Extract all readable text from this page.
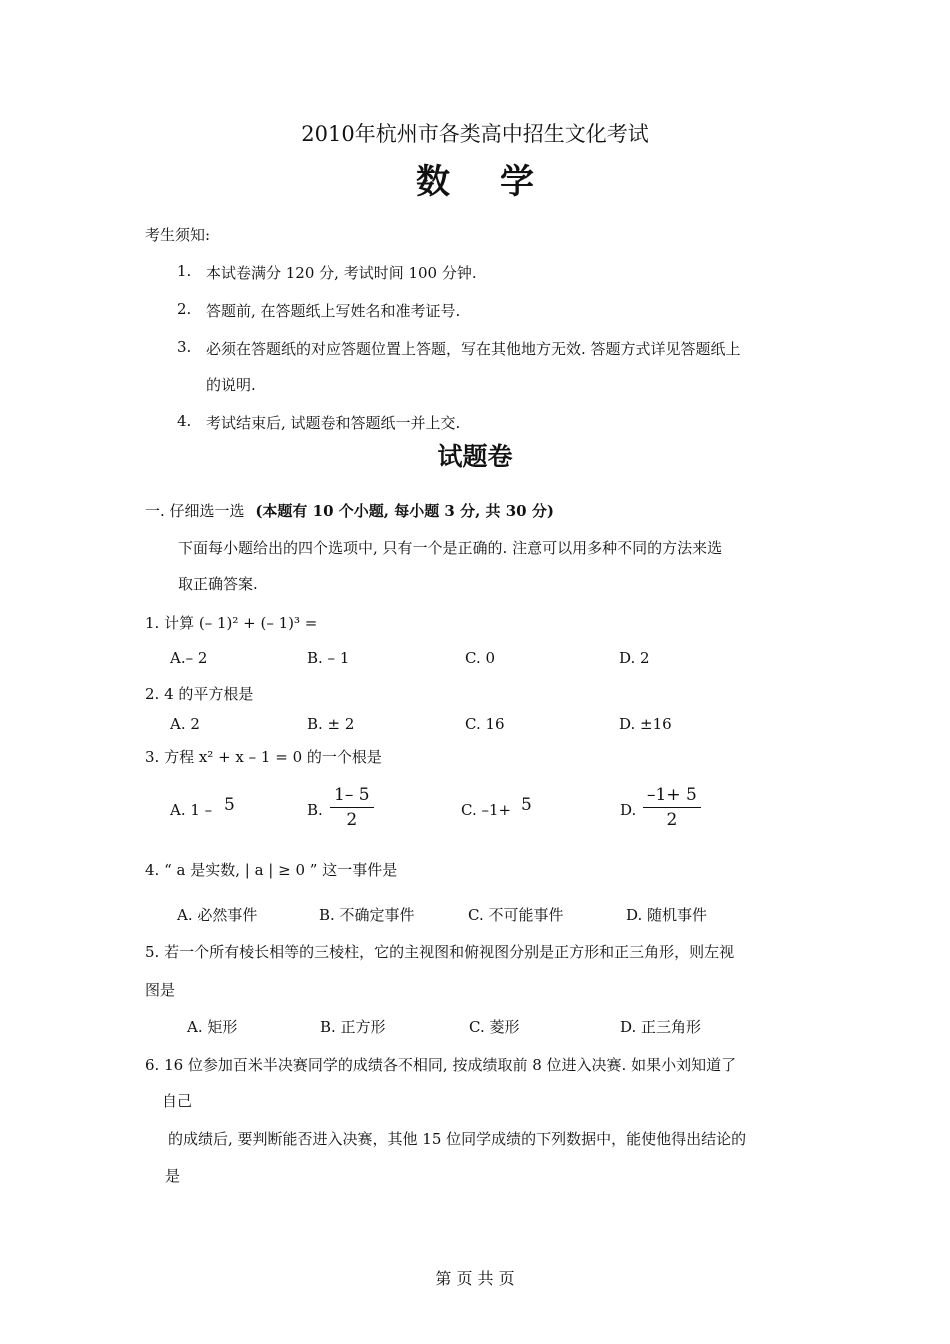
2010年杭州市各类高中招生文化考试
数学
考生须知:
1. 本试卷满分 120 分, 考试时间 100 分钟.
2. 答题前, 在答题纸上写姓名和准考证号.
3. 必须在答题纸的对应答题位置上答题，写在其他地方无效. 答题方式详见答题纸上
的说明.
4. 考试结束后, 试题卷和答题纸一并上交.
试题卷
一. 仔细选一选 (本题有 10 个小题, 每小题 3 分, 共 30 分)
下面每小题给出的四个选项中, 只有一个是正确的. 注意可以用多种不同的方法来选
取正确答案.
1. 计算 (– 1)² + (– 1)³ =
A.– 2	B. – 1	C. 0	D. 2
2. 4 的平方根是
A. 2	B. ± 2	C. 16	D. ±16
3. 方程 x² + x – 1 = 0 的一个根是
A. 1 – 5	B. $\frac{1- 5}{2}$	C. –1+ 5	D. $\frac{-1+ 5}{2}$
4. “ a 是实数, | a | ≥ 0 ” 这一事件是
A. 必然事件	B. 不确定事件	C. 不可能事件	D. 随机事件
5. 若一个所有棱长相等的三棱柱，它的主视图和俯视图分别是正方形和正三角形，则左视
图是
A. 矩形	B. 正方形	C. 菱形	D. 正三角形
6. 16 位参加百米半决赛同学的成绩各不相同, 按成绩取前 8 位进入决赛. 如果小刘知道了
自己
的成绩后, 要判断能否进入决赛，其他 15 位同学成绩的下列数据中，能使他得出结论的
是
第 页 共 页
